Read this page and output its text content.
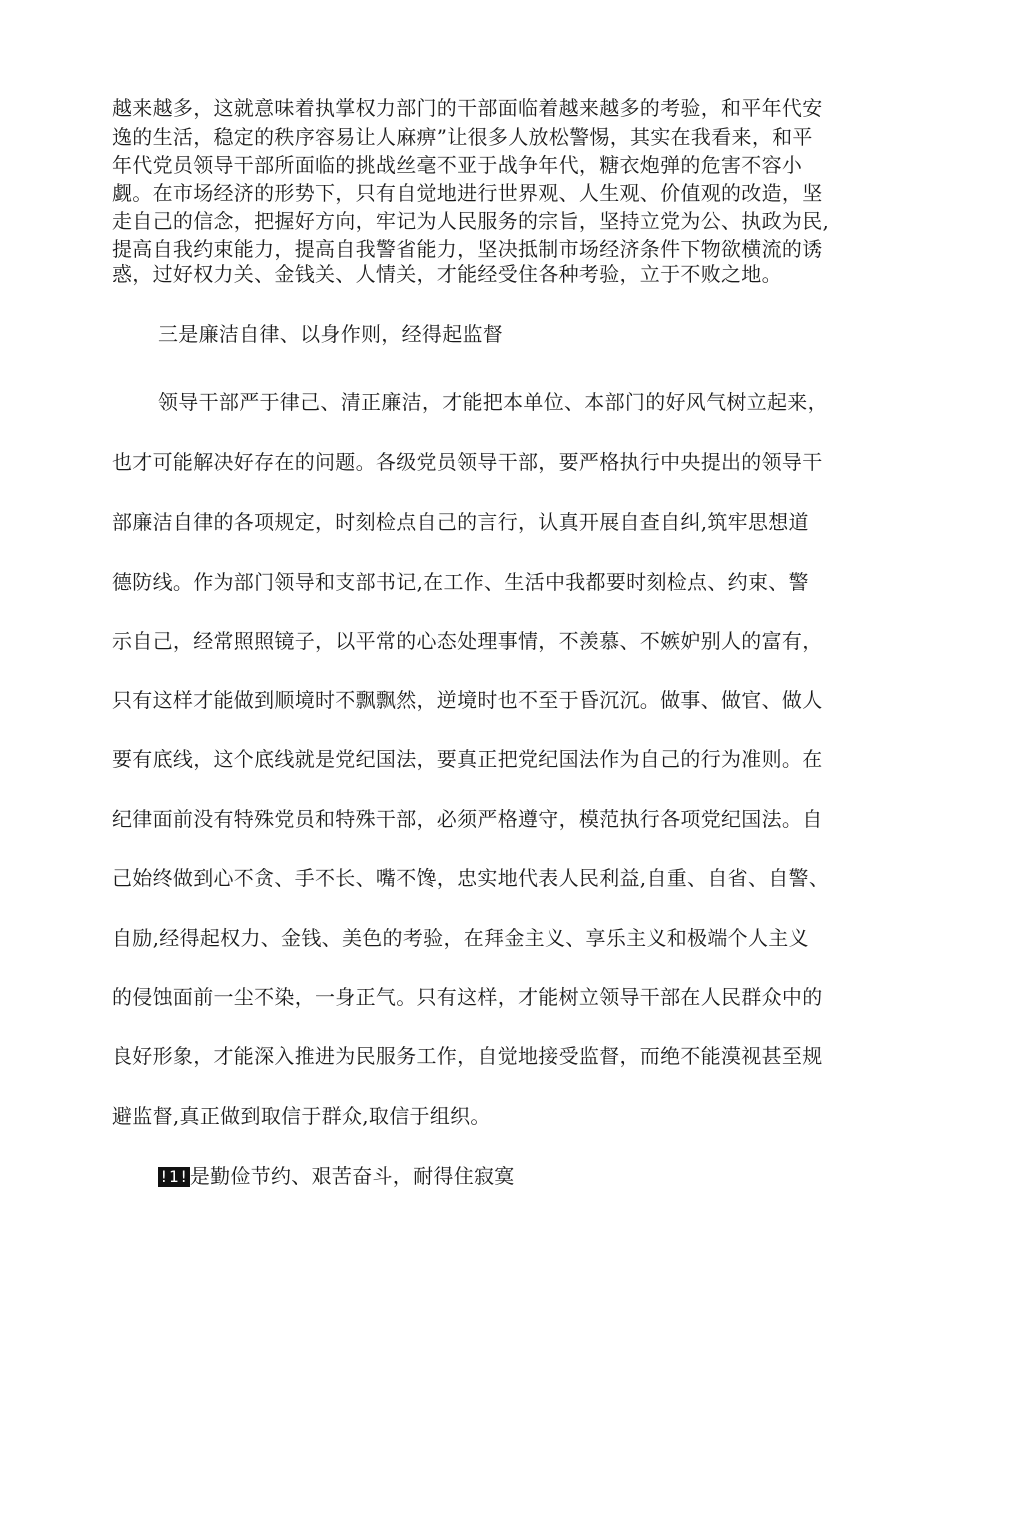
越来越多，这就意味着执掌权力部门的干部面临着越来越多的考验，和平年代安
逸的生活，稳定的秩序容易让人麻痹”让很多人放松警惕，其实在我看来，和平
年代党员领导干部所面临的挑战丝毫不亚于战争年代，糖衣炮弹的危害不容小
觑。在市场经济的形势下，只有自觉地进行世界观、人生观、价值观的改造，坚
走自己的信念，把握好方向，牢记为人民服务的宗旨，坚持立党为公、执政为民,
提高自我约束能力，提高自我警省能力，坚决抵制市场经济条件下物欲横流的诱
惑，过好权力关、金钱关、人情关，才能经受住各种考验，立于不败之地。
三是廉洁自律、以身作则，经得起监督
领导干部严于律己、清正廉洁，才能把本单位、本部门的好风气树立起来，
也才可能解决好存在的问题。各级党员领导干部，要严格执行中央提出的领导干
部廉洁自律的各项规定，时刻检点自己的言行，认真开展自查自纠,筑牢思想道
德防线。作为部门领导和支部书记,在工作、生活中我都要时刻检点、约束、警
示自己，经常照照镜子，以平常的心态处理事情，不羡慕、不嫉妒别人的富有，
只有这样才能做到顺境时不飘飘然，逆境时也不至于昏沉沉。做事、做官、做人
要有底线，这个底线就是党纪国法，要真正把党纪国法作为自己的行为准则。在
纪律面前没有特殊党员和特殊干部，必须严格遵守，模范执行各项党纪国法。自
己始终做到心不贪、手不长、嘴不馋，忠实地代表人民利益,自重、自省、自警、
自励,经得起权力、金钱、美色的考验，在拜金主义、享乐主义和极端个人主义
的侵蚀面前一尘不染，一身正气。只有这样，才能树立领导干部在人民群众中的
良好形象，才能深入推进为民服务工作，自觉地接受监督，而绝不能漠视甚至规
避监督,真正做到取信于群众,取信于组织。
!1!是勤俭节约、艰苦奋斗，耐得住寂寞
